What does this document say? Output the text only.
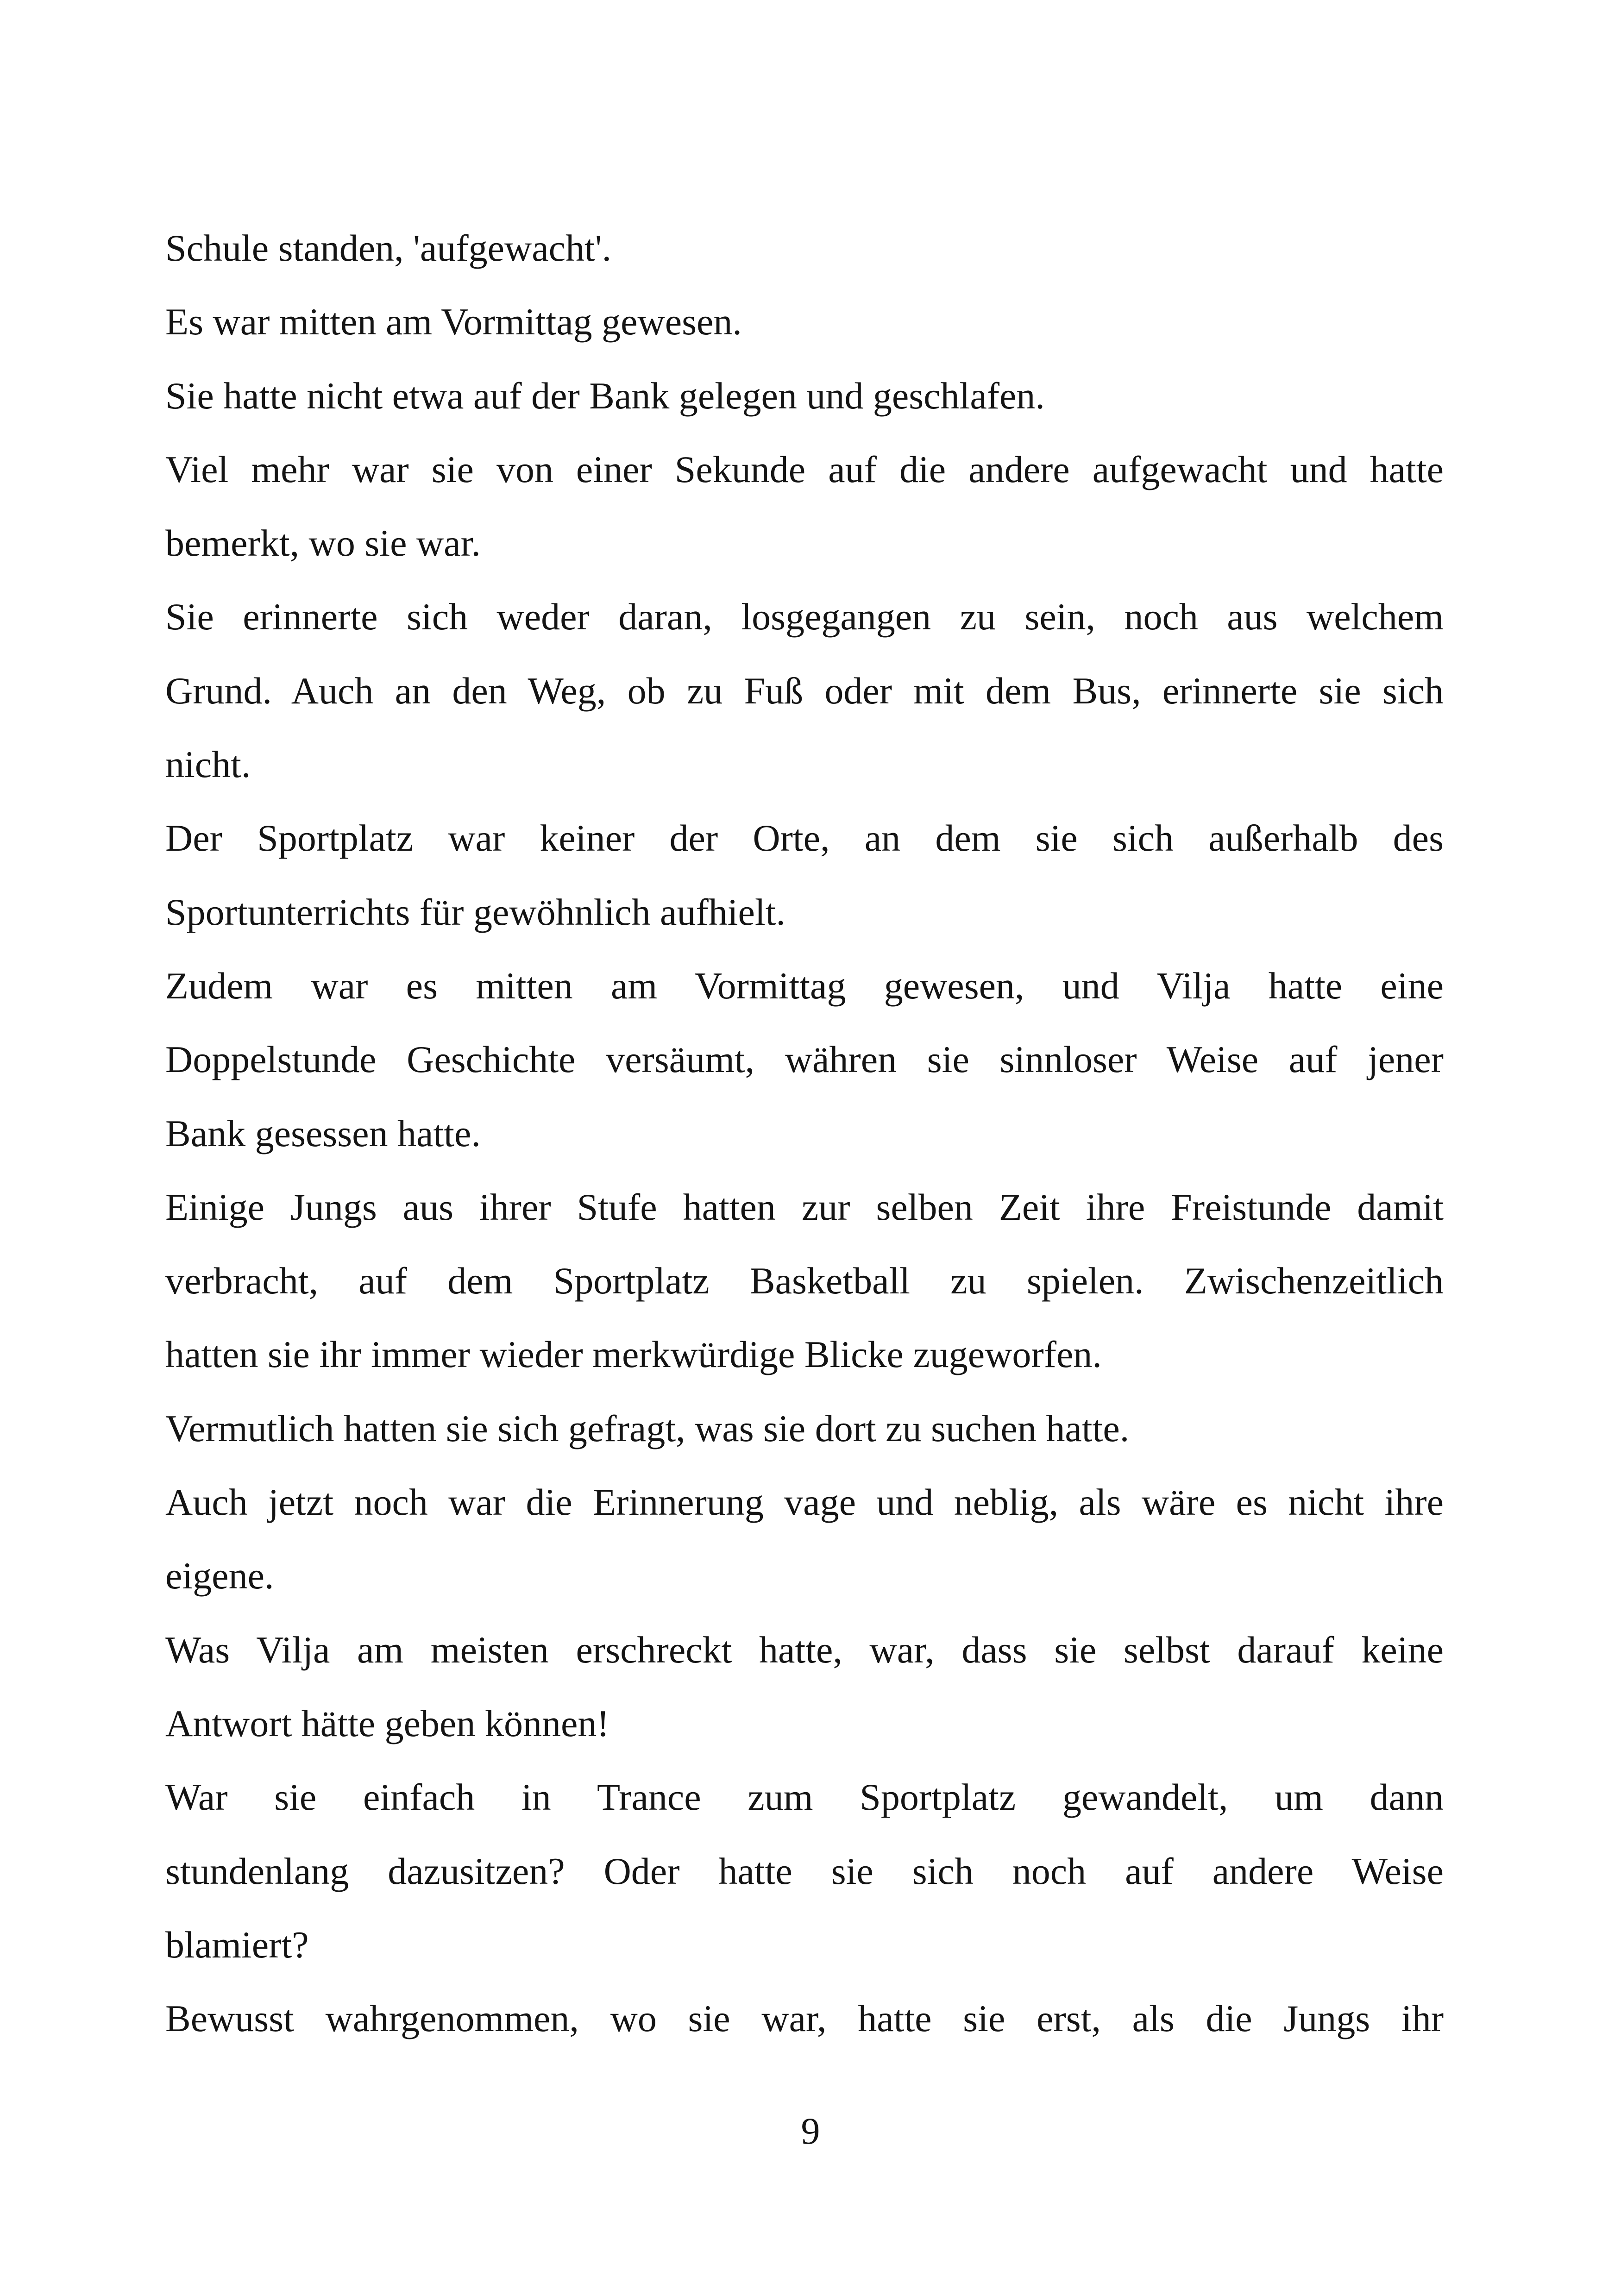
Schule standen, 'aufgewacht'.
Es war mitten am Vormittag gewesen.
Sie hatte nicht etwa auf der Bank gelegen und geschlafen.
Viel mehr war sie von einer Sekunde auf die andere aufgewacht und hatte
bemerkt, wo sie war.
Sie erinnerte sich weder daran, losgegangen zu sein, noch aus welchem
Grund. Auch an den Weg, ob zu Fuß oder mit dem Bus, erinnerte sie sich
nicht.
Der Sportplatz war keiner der Orte, an dem sie sich außerhalb des
Sportunterrichts für gewöhnlich aufhielt.
Zudem war es mitten am Vormittag gewesen, und Vilja hatte eine
Doppelstunde Geschichte versäumt, währen sie sinnloser Weise auf jener
Bank gesessen hatte.
Einige Jungs aus ihrer Stufe hatten zur selben Zeit ihre Freistunde damit
verbracht, auf dem Sportplatz Basketball zu spielen. Zwischenzeitlich
hatten sie ihr immer wieder merkwürdige Blicke zugeworfen.
Vermutlich hatten sie sich gefragt, was sie dort zu suchen hatte.
Auch jetzt noch war die Erinnerung vage und neblig, als wäre es nicht ihre
eigene.
Was Vilja am meisten erschreckt hatte, war, dass sie selbst darauf keine
Antwort hätte geben können!
War sie einfach in Trance zum Sportplatz gewandelt, um dann
stundenlang dazusitzen? Oder hatte sie sich noch auf andere Weise
blamiert?
Bewusst wahrgenommen, wo sie war, hatte sie erst, als die Jungs ihr
9
